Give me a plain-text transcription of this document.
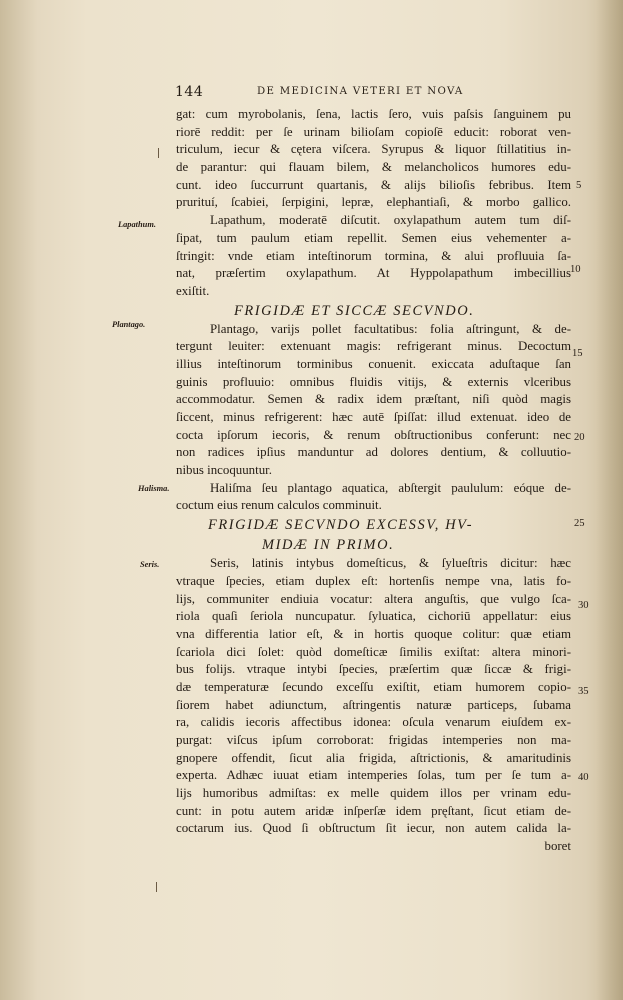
144	DE MEDICINA VETERI ET NOVA
Lapathum.
Plantago.
Halisma.
Seris.
5
10
15
20
25
30
35
40
gat: cum myrobolanis, ſena, lactis ſero, vuis paſsis ſanguinem pu
riorē reddit: per ſe urinam bilioſam copioſē educit: roborat ven-
triculum, iecur & cętera viſcera. Syrupus & liquor ſtillatitius in-
de parantur: qui flauam bilem, & melancholicos humores edu-
cunt. ideo ſuccurrunt quartanis, & alijs bilioſis febribus. Item
prurituí, ſcabiei, ſerpigini, lepræ, elephantiaſi, & morbo gallico.
Lapathum, moderatē diſcutit. oxylapathum autem tum diſ-
ſipat, tum paulum etiam repellit. Semen eius vehementer a-
ſtringit: vnde etiam inteſtinorum tormina, & alui profluuia ſa-
nat, præſertim oxylapathum. At Hyppolapathum imbecillius
exiſtit.
FRIGIDÆ ET SICCÆ SECVNDO.
Plantago, varijs pollet facultatibus: folia aſtringunt, & de-
tergunt leuiter: extenuant magis: refrigerant minus. Decoctum
illius inteſtinorum torminibus conuenit. exiccata aduſtaque ſan
guinis profluuio: omnibus fluidis vitijs, & externis vlceribus
accommodatur. Semen & radix idem præſtant, niſi quòd magis
ſiccent, minus refrigerent: hæc autē ſpiſſat: illud extenuat. ideo de
cocta ipſorum iecoris, & renum obſtructionibus conferunt: nec
non radices ipſius manduntur ad dolores dentium, & colluutio-
nibus incoquuntur.
Haliſma ſeu plantago aquatica, abſtergit paululum: eóque de-
coctum eius renum calculos comminuit.
FRIGIDÆ SECVNDO EXCESSV, HV-
MIDÆ IN PRIMO.
Seris, latinis intybus domeſticus, & ſylueſtris dicitur: hæc
vtraque ſpecies, etiam duplex eſt: hortenſis nempe vna, latis fo-
lijs, communiter endiuia vocatur: altera anguſtis, que vulgo ſca-
riola quaſi ſeriola nuncupatur. ſyluatica, cichoriū appellatur: eius
vna differentia latior eſt, & in hortis quoque colitur: quæ etiam
ſcariola dici ſolet: quòd domeſticæ ſimilis exiſtat: altera minori-
bus folijs. vtraque intybi ſpecies, præſertim quæ ſiccæ & frigi-
dæ temperaturæ ſecundo exceſſu exiſtit, etiam humorem copio-
ſiorem habet adiunctum, aſtringentis naturæ particeps, ſubama
ra, calidis iecoris affectibus idonea: oſcula venarum eiuſdem ex-
purgat: viſcus ipſum corroborat: frigidas intemperies non ma-
gnopere offendit, ſicut alia frigida, aſtrictionis, & amaritudinis
experta. Adhæc iuuat etiam intemperies ſolas, tum per ſe tum a-
lijs humoribus admiſtas: ex melle quidem illos per vrinam edu-
cunt: in potu autem aridæ inſperſæ idem pręſtant, ſicut etiam de-
coctarum ius. Quod ſi obſtructum ſit iecur, non autem calida la-
boret
